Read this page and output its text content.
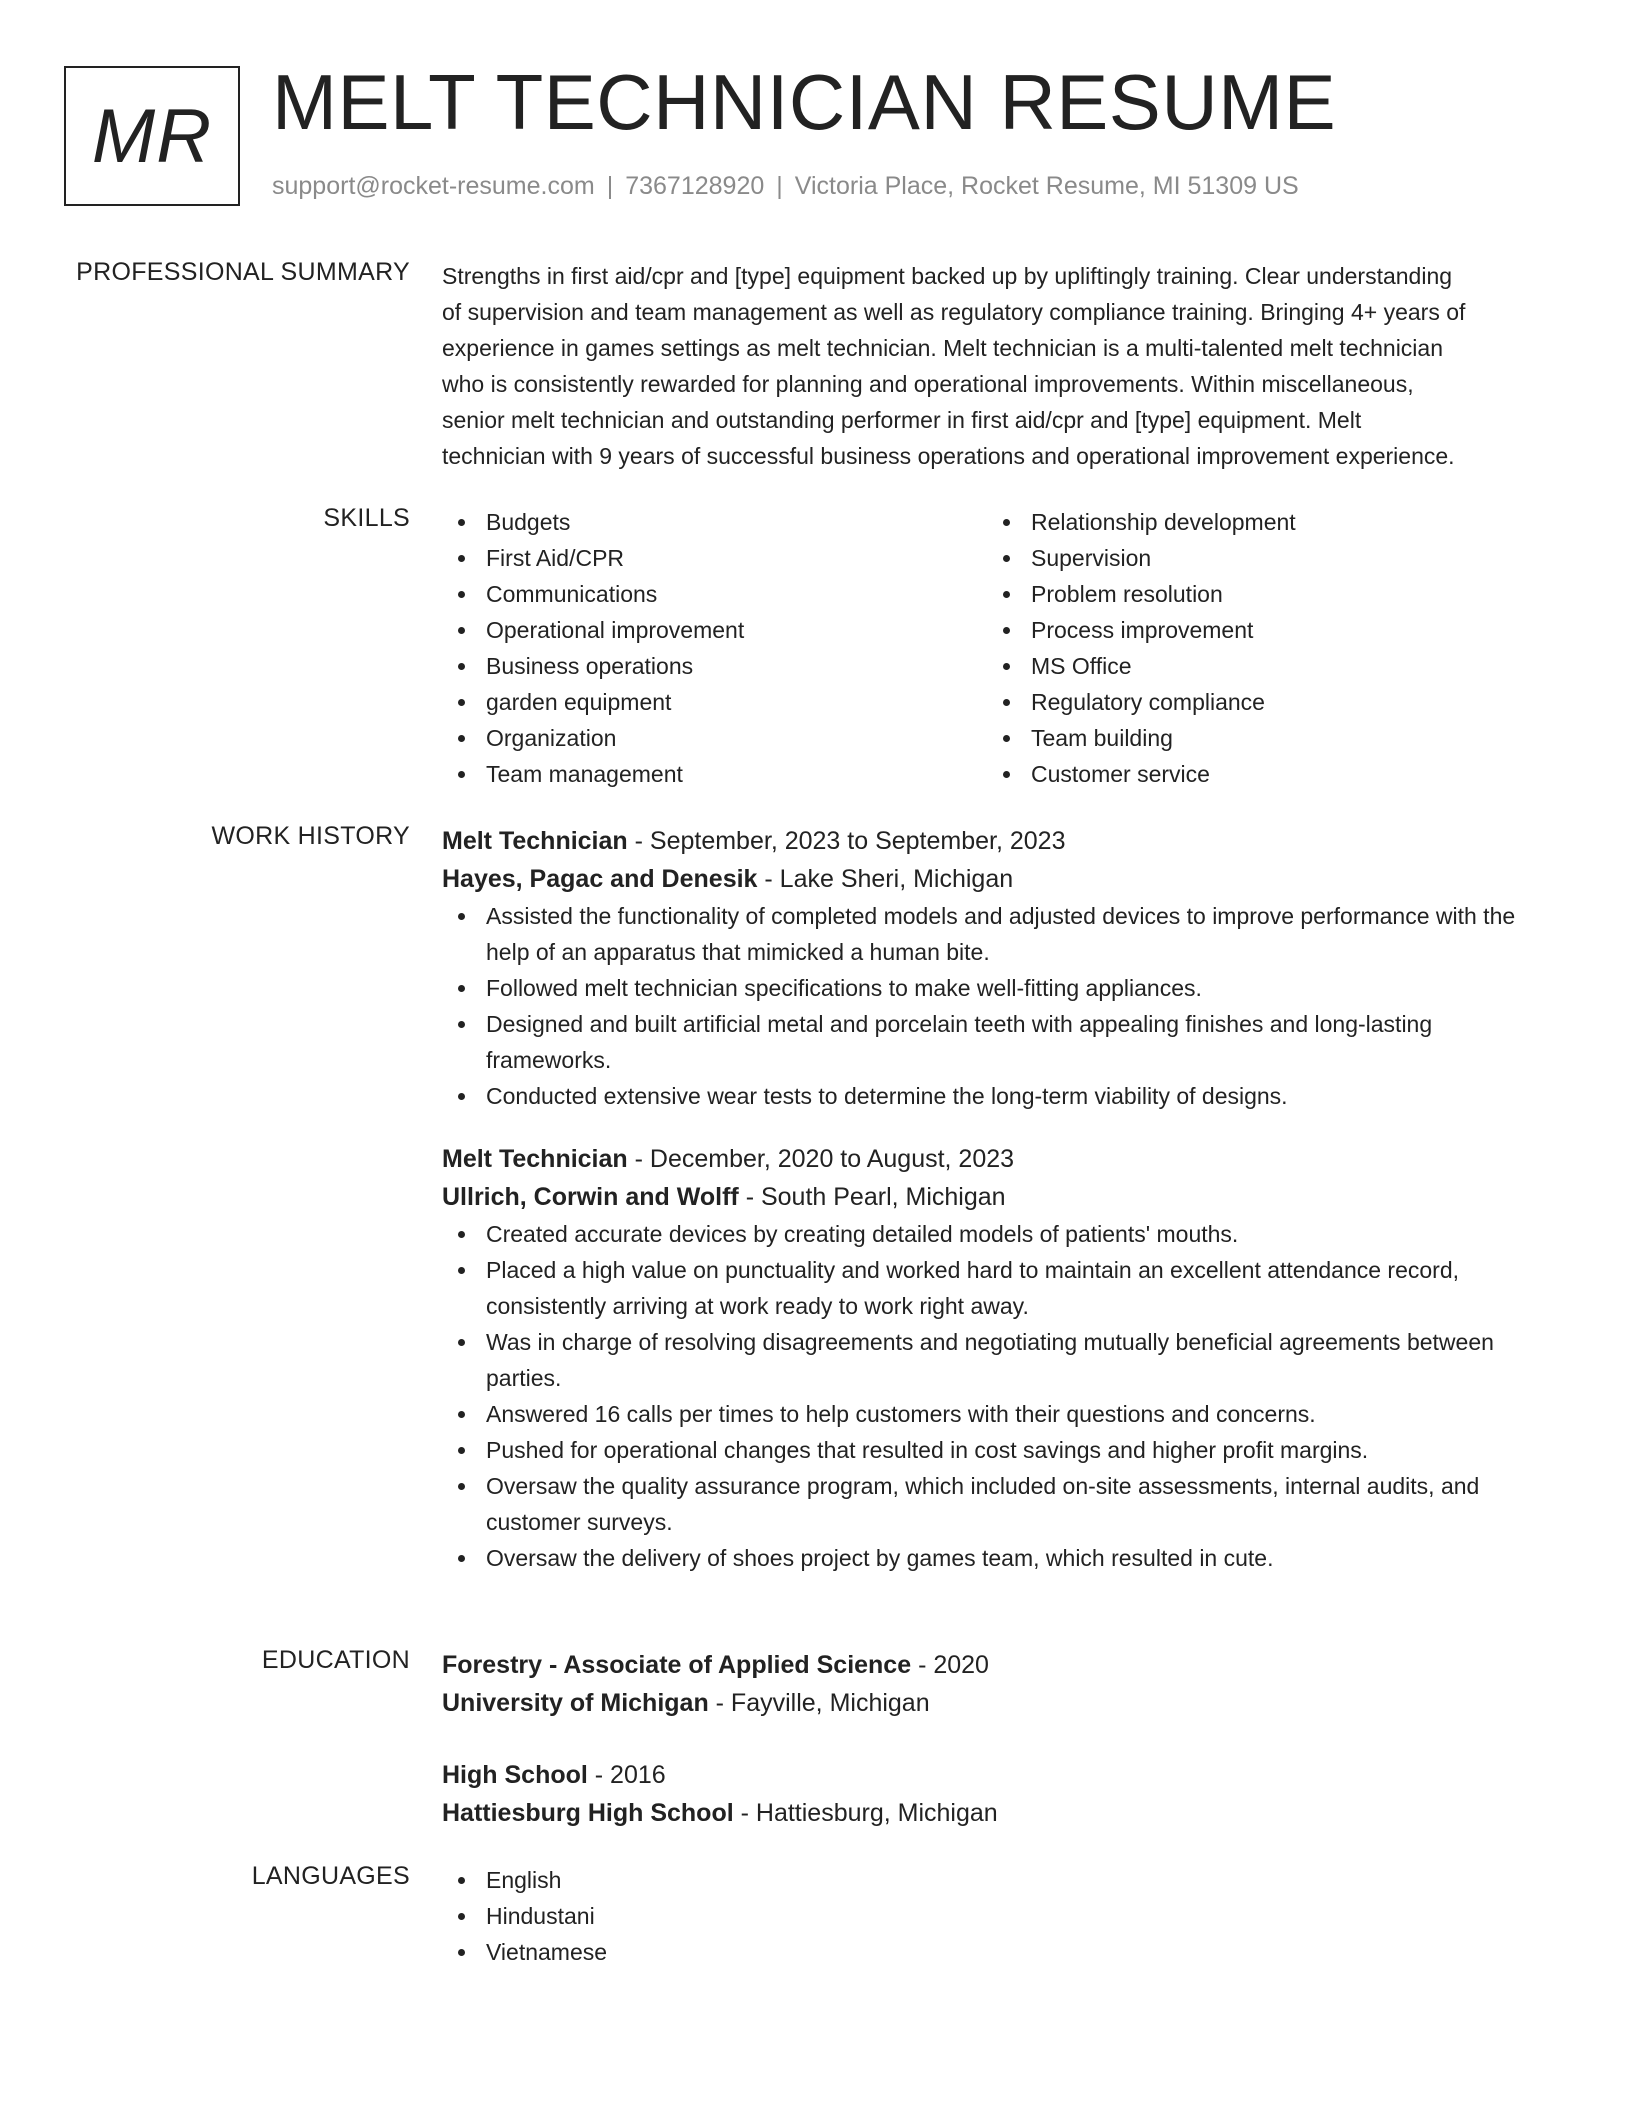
MR MELT TECHNICIAN RESUME
support@rocket-resume.com | 7367128920 | Victoria Place, Rocket Resume, MI 51309 US
PROFESSIONAL SUMMARY Strengths in first aid/cpr and [type] equipment backed up by upliftingly training. Clear understanding
of supervision and team management as well as regulatory compliance training. Bringing 4+ years of
experience in games settings as melt technician. Melt technician is a multi-talented melt technician
who is consistently rewarded for planning and operational improvements. Within miscellaneous,
senior melt technician and outstanding performer in first aid/cpr and [type] equipment. Melt
technician with 9 years of successful business operations and operational improvement experience.
SKILLS	Budgets
First Aid/CPR
Communications
Operational improvement
Business operations
garden equipment
Organization
Team management
Relationship development
Supervision
Problem resolution
Process improvement
MS Office
Regulatory compliance
Team building
Customer service
WORK HISTORY Melt Technician - September, 2023 to September, 2023
Hayes, Pagac and Denesik - Lake Sheri, Michigan
Assisted the functionality of completed models and adjusted devices to improve performance with the help of an apparatus that mimicked a human bite.
Followed melt technician specifications to make well-fitting appliances.
Designed and built artificial metal and porcelain teeth with appealing finishes and long-lasting frameworks.
Conducted extensive wear tests to determine the long-term viability of designs.
Melt Technician - December, 2020 to August, 2023
Ullrich, Corwin and Wolff - South Pearl, Michigan
Created accurate devices by creating detailed models of patients' mouths.
Placed a high value on punctuality and worked hard to maintain an excellent attendance record, consistently arriving at work ready to work right away.
Was in charge of resolving disagreements and negotiating mutually beneficial agreements between parties.
Answered 16 calls per times to help customers with their questions and concerns.
Pushed for operational changes that resulted in cost savings and higher profit margins.
Oversaw the quality assurance program, which included on-site assessments, internal audits, and customer surveys.
Oversaw the delivery of shoes project by games team, which resulted in cute.
EDUCATION Forestry - Associate of Applied Science - 2020
University of Michigan - Fayville, Michigan
High School - 2016
Hattiesburg High School - Hattiesburg, Michigan
LANGUAGES	English
Hindustani
Vietnamese
